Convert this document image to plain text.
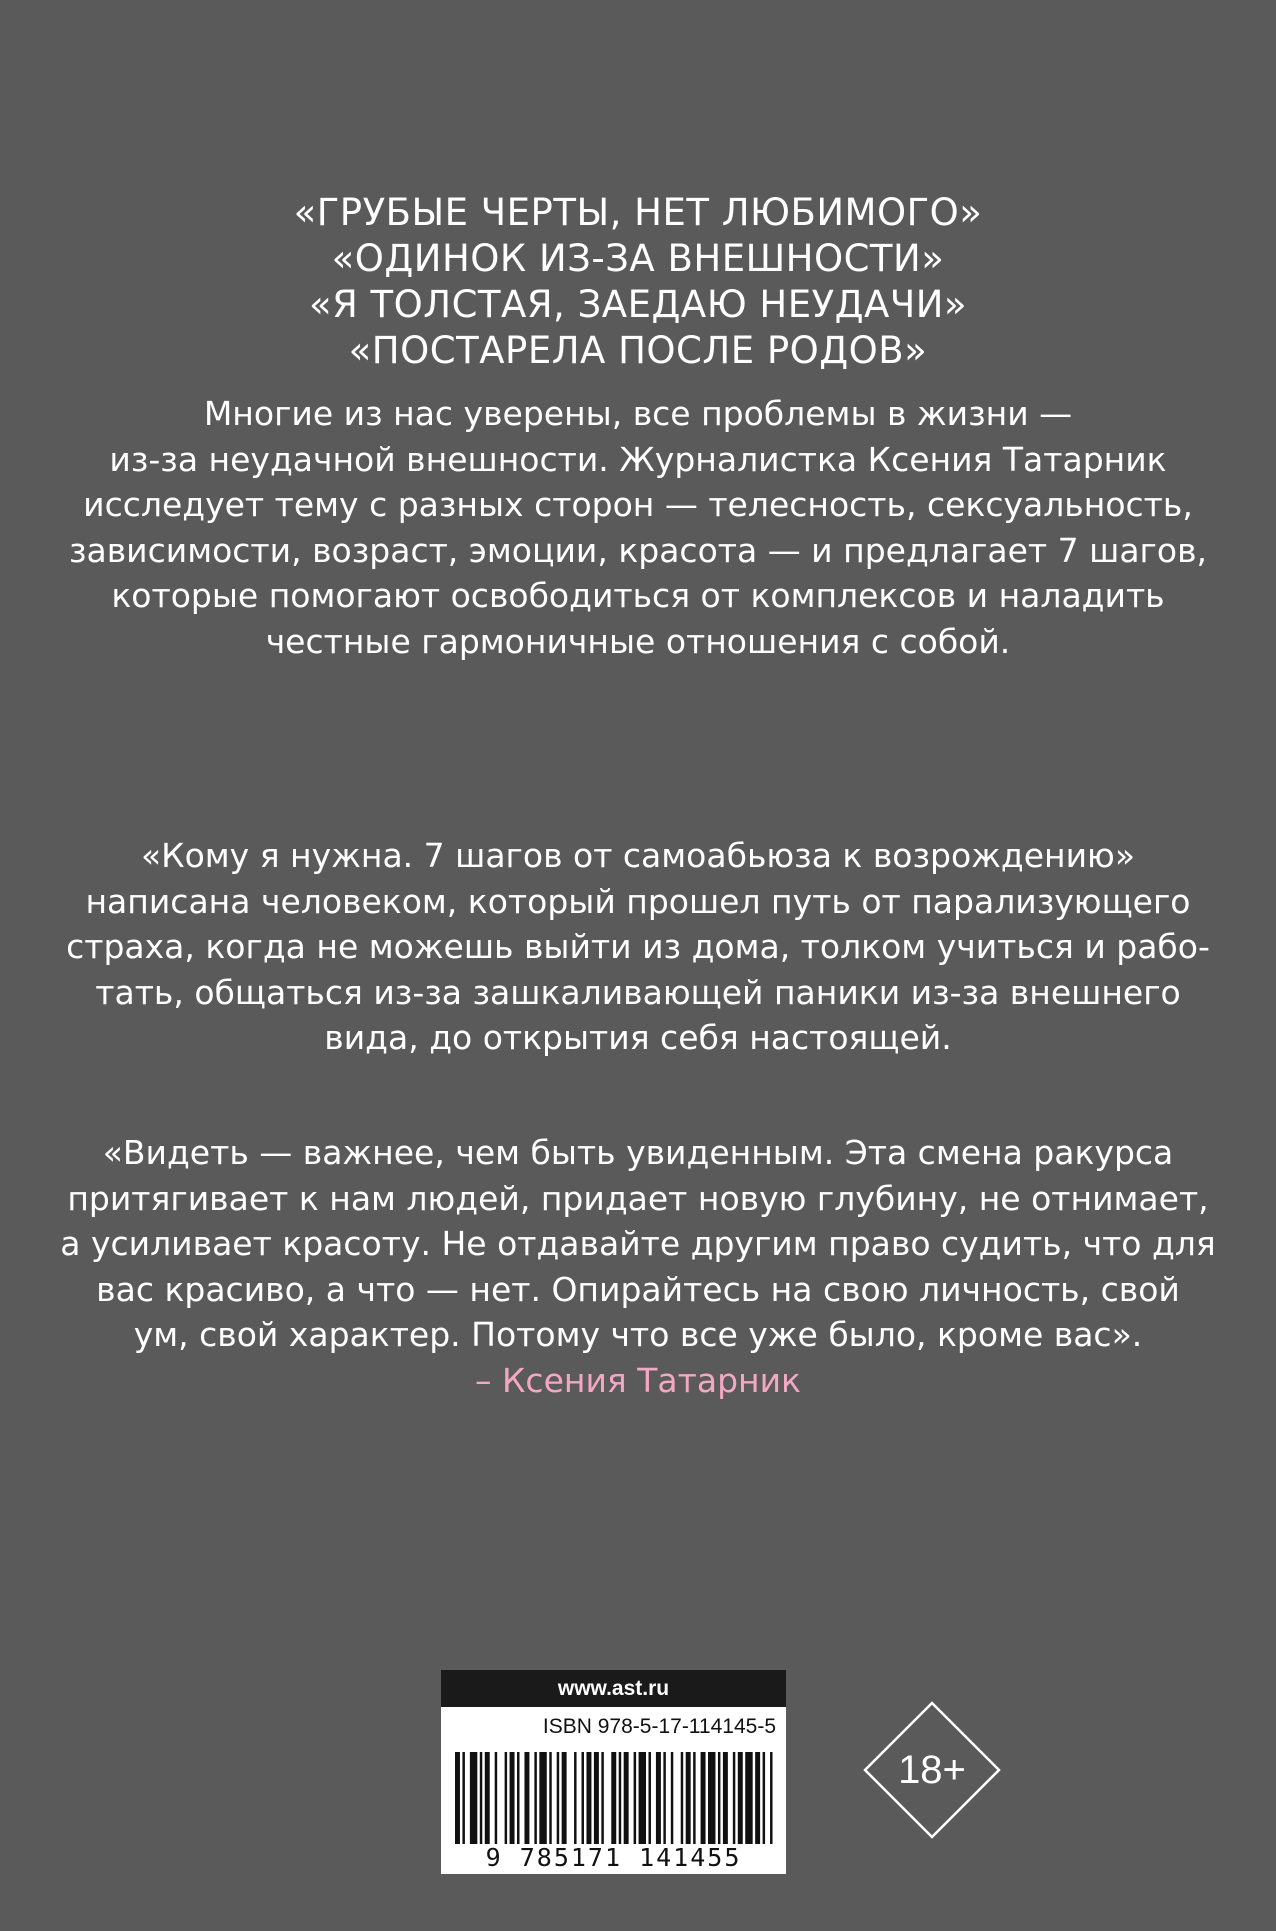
«ГРУБЫЕ ЧЕРТЫ, НЕТ ЛЮБИМОГО»
«ОДИНОК ИЗ-ЗА ВНЕШНОСТИ»
«Я ТОЛСТАЯ, ЗАЕДАЮ НЕУДАЧИ»
«ПОСТАРЕЛА ПОСЛЕ РОДОВ»
Многие из нас уверены, все проблемы в жизни —
из-за неудачной внешности. Журналистка Ксения Татарник
исследует тему с разных сторон — телесность, сексуальность,
зависимости, возраст, эмоции, красота — и предлагает 7 шагов,
которые помогают освободиться от комплексов и наладить
честные гармоничные отношения с собой.
«Кому я нужна. 7 шагов от самоабьюза к возрождению»
написана человеком, который прошел путь от парализующего
страха, когда не можешь выйти из дома, толком учиться и рабо-
тать, общаться из-за зашкаливающей паники из-за внешнего
вида, до открытия себя настоящей.
«Видеть — важнее, чем быть увиденным. Эта смена ракурса
притягивает к нам людей, придает новую глубину, не отнимает,
а усиливает красоту. Не отдавайте другим право судить, что для
вас красиво, а что — нет. Опирайтесь на свою личность, свой
ум, свой характер. Потому что все уже было, кроме вас».
– Ксения Татарник
www.ast.ru
ISBN 978-5-17-114145-5
9 785171 141455
18+
